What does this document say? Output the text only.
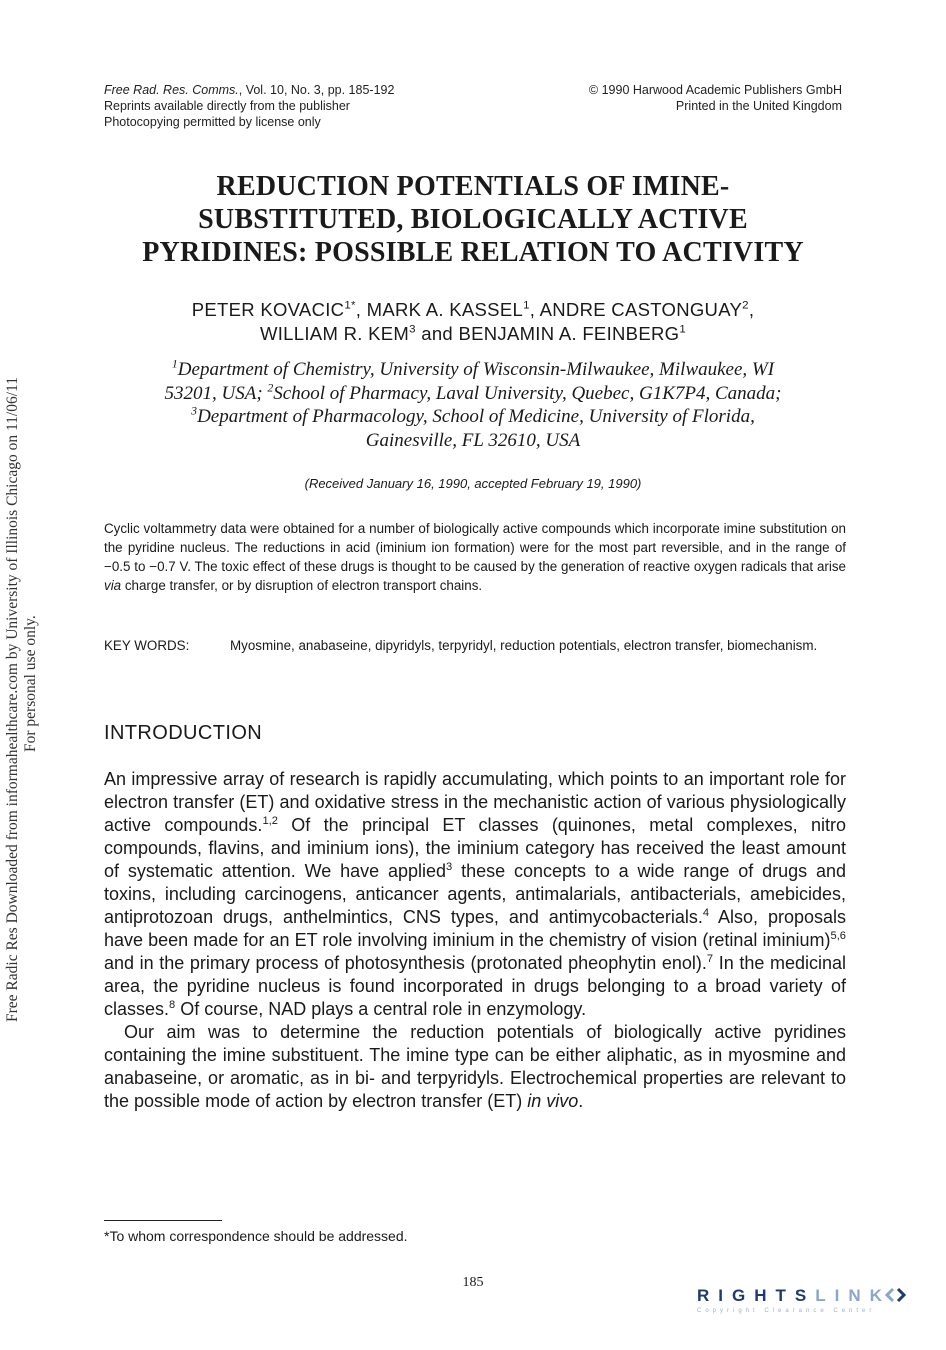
Free Radic Res Downloaded from informahealthcare.com by University of Illinois Chicago on 11/06/11 For personal use only.
Free Rad. Res. Comms., Vol. 10, No. 3, pp. 185-192
Reprints available directly from the publisher
Photocopying permitted by license only
© 1990 Harwood Academic Publishers GmbH
Printed in the United Kingdom
REDUCTION POTENTIALS OF IMINE-
SUBSTITUTED, BIOLOGICALLY ACTIVE
PYRIDINES: POSSIBLE RELATION TO ACTIVITY
PETER $KOVACIC^{1*}$, MARK A. KASSEL$^1$, ANDRE CASTONGUAY$^2$,
WILLIAM R. KEM$^3$ and BENJAMIN A. FEINBERG$^1$
$^1$Department of Chemistry, University of Wisconsin-Milwaukee, Milwaukee, WI
53201, USA; $^2$School of Pharmacy, Laval University, Quebec, G1K7P4, Canada;
$^3$Department of Pharmacology, School of Medicine, University of Florida,
Gainesville, FL 32610, USA
(Received January 16, 1990, accepted February 19, 1990)
Cyclic voltammetry data were obtained for a number of biologically active compounds which incorporate imine substitution on the pyridine nucleus. The reductions in acid (iminium ion formation) were for the most part reversible, and in the range of −0.5 to −0.7 V. The toxic effect of these drugs is thought to be caused by the generation of reactive oxygen radicals that arise via charge transfer, or by disruption of electron transport chains.
KEY WORDS:	Myosmine, anabaseine, dipyridyls, terpyridyl, reduction potentials, electron transfer, biomechanism.
INTRODUCTION

An impressive array of research is rapidly accumulating, which points to an important role for electron transfer (ET) and oxidative stress in the mechanistic action of various physiologically active compounds.$^{1,2}$ Of the principal ET classes (quinones, metal complexes, nitro compounds, flavins, and iminium ions), the iminium category has received the least amount of systematic attention. We have applied$^3$ these concepts to a wide range of drugs and toxins, including carcinogens, anticancer agents, antimalarials, antibacterials, amebicides, antiprotozoan drugs, anthelmintics, CNS types, and antimycobacterials.$^4$ Also, proposals have been made for an ET role involving iminium in the chemistry of vision (retinal iminium)$^{5,6}$ and in the primary process of photosynthesis (protonated pheophytin enol).$^7$ In the medicinal area, the pyridine nucleus is found incorporated in drugs belonging to a broad variety of classes.$^8$ Of course, NAD plays a central role in enzymology.

Our aim was to determine the reduction potentials of biologically active pyridines containing the imine substituent. The imine type can be either aliphatic, as in myosmine and anabaseine, or aromatic, as in bi- and terpyridyls. Electrochemical properties are relevant to the possible mode of action by electron transfer (ET) in vivo.

*To whom correspondence should be addressed.
185
RIGHTSLINK
Copyright Clearance Center
